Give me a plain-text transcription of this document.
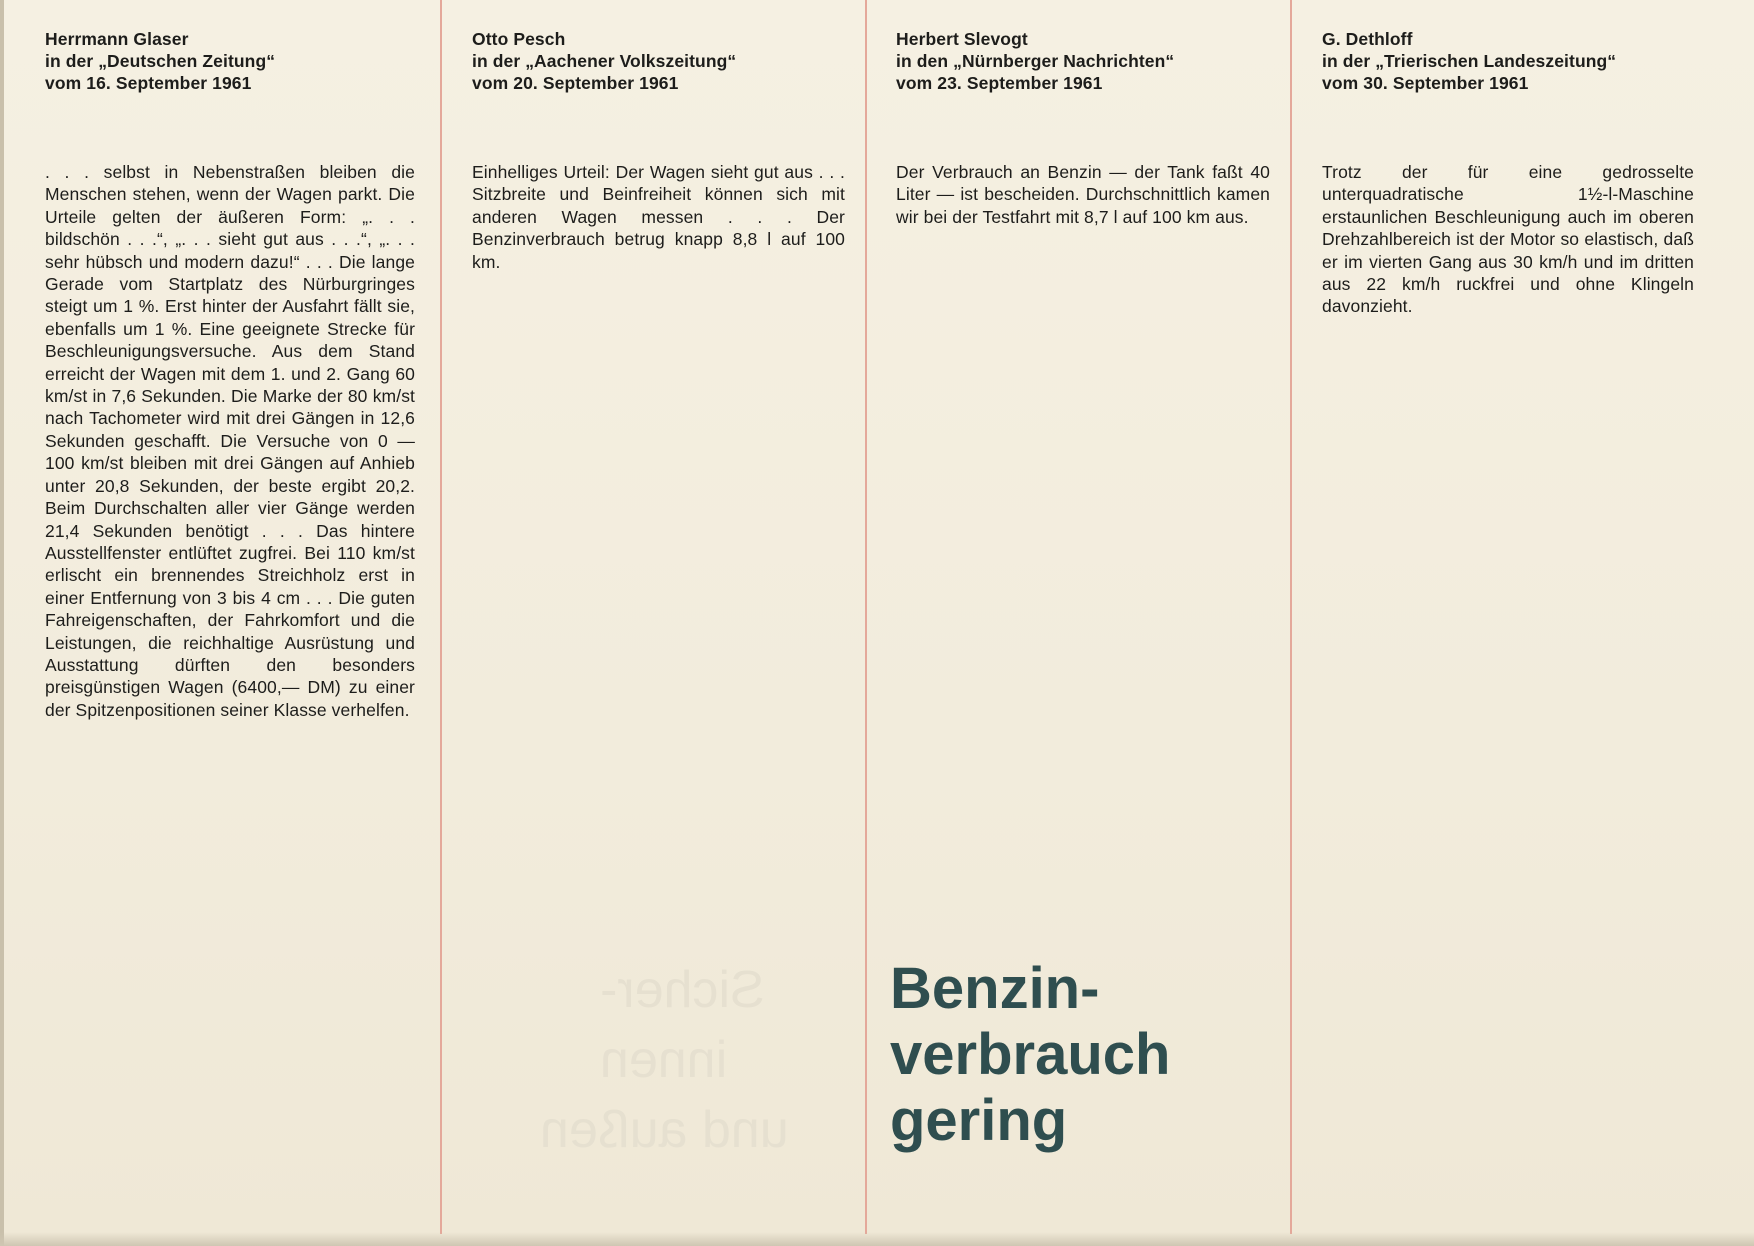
Sicher-
innen
und außen
Herrmann Glaser
in der „Deutschen Zeitung“
vom 16. September 1961
. . . selbst in Nebenstraßen bleiben die Menschen stehen, wenn der Wagen parkt. Die Urteile gelten der äußeren Form: „. . . bildschön . . .“, „. . . sieht gut aus . . .“, „. . . sehr hübsch und modern dazu!“ . . . Die lange Gerade vom Startplatz des Nürburgringes steigt um 1 %. Erst hinter der Ausfahrt fällt sie, ebenfalls um 1 %. Eine geeignete Strecke für Beschleunigungsversuche. Aus dem Stand erreicht der Wagen mit dem 1. und 2. Gang 60 km/st in 7,6 Sekunden. Die Marke der 80 km/st nach Tachometer wird mit drei Gängen in 12,6 Sekunden geschafft. Die Versuche von 0 — 100 km/st bleiben mit drei Gängen auf Anhieb unter 20,8 Sekunden, der beste ergibt 20,2. Beim Durchschalten aller vier Gänge werden 21,4 Sekunden benötigt . . . Das hintere Ausstellfenster entlüftet zugfrei. Bei 110 km/st erlischt ein brennendes Streichholz erst in einer Entfernung von 3 bis 4 cm . . . Die guten Fahreigenschaften, der Fahrkomfort und die Leistungen, die reichhaltige Ausrüstung und Ausstattung dürften den besonders preisgünstigen Wagen (6400,— DM) zu einer der Spitzenpositionen seiner Klasse verhelfen.
Otto Pesch
in der „Aachener Volkszeitung“
vom 20. September 1961
Einhelliges Urteil: Der Wagen sieht gut aus . . . Sitzbreite und Beinfreiheit können sich mit anderen Wagen messen . . . Der Benzinverbrauch betrug knapp 8,8 l auf 100 km.
Herbert Slevogt
in den „Nürnberger Nachrichten“
vom 23. September 1961
Der Verbrauch an Benzin — der Tank faßt 40 Liter — ist bescheiden. Durchschnittlich kamen wir bei der Testfahrt mit 8,7 l auf 100 km aus.
G. Dethloff
in der „Trierischen Landeszeitung“
vom 30. September 1961
Trotz der für eine gedrosselte unterquadratische 1½-l-Maschine erstaunlichen Beschleunigung auch im oberen Drehzahlbereich ist der Motor so elastisch, daß er im vierten Gang aus 30 km/h und im dritten aus 22 km/h ruckfrei und ohne Klingeln davonzieht.
Benzin-
verbrauch
gering
